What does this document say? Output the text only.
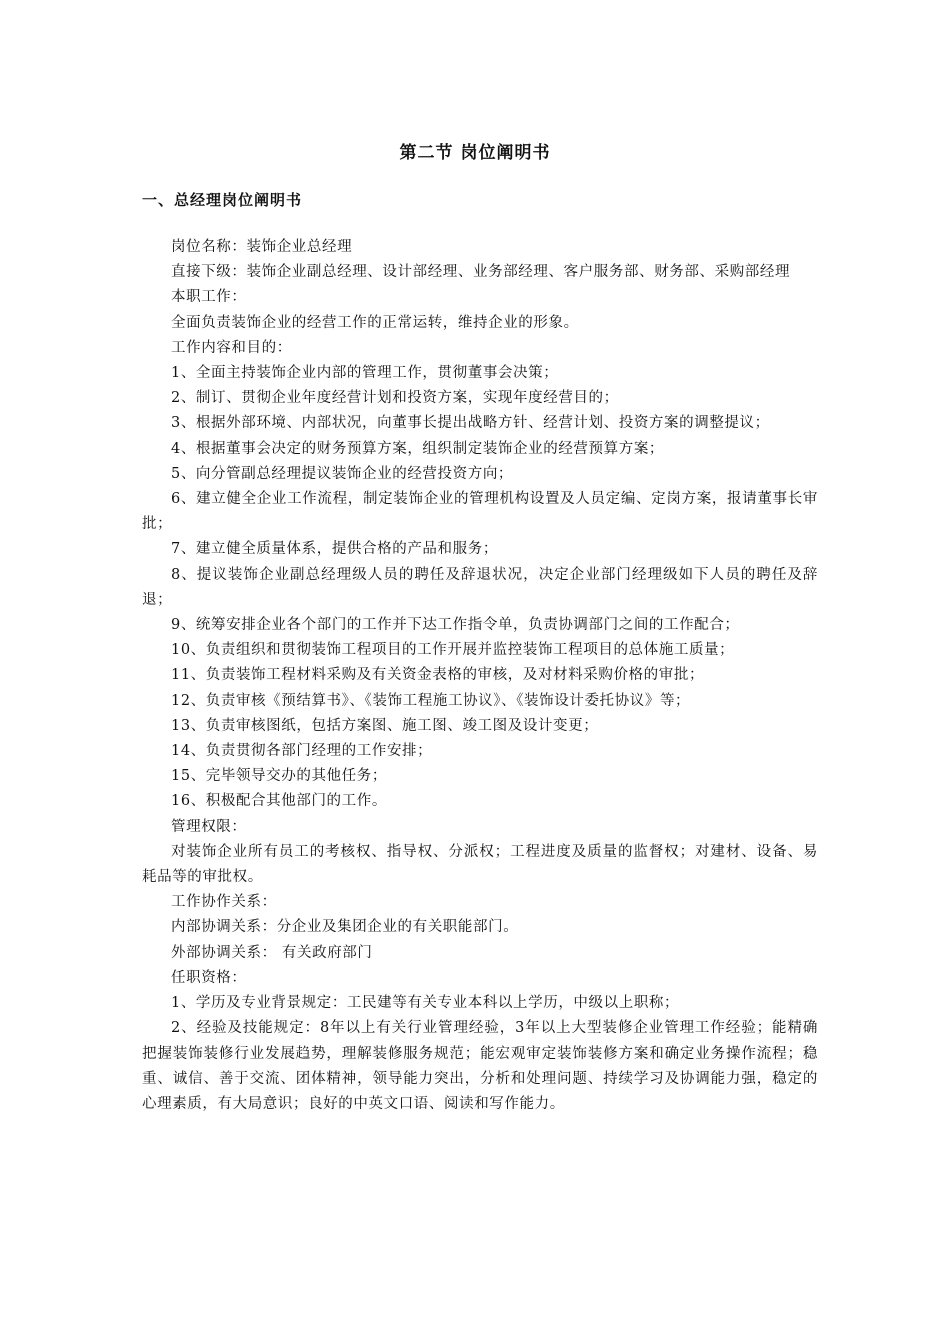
第二节 岗位阐明书
一、总经理岗位阐明书

岗位名称：装饰企业总经理

直接下级：装饰企业副总经理、设计部经理、业务部经理、客户服务部、财务部、采购部经理

本职工作：

全面负责装饰企业的经营工作的正常运转，维持企业的形象。

工作内容和目的：

1、全面主持装饰企业内部的管理工作，贯彻董事会决策；

2、制订、贯彻企业年度经营计划和投资方案，实现年度经营目的；

3、根据外部环境、内部状况，向董事长提出战略方针、经营计划、投资方案的调整提议；

4、根据董事会决定的财务预算方案，组织制定装饰企业的经营预算方案；

5、向分管副总经理提议装饰企业的经营投资方向；

6、建立健全企业工作流程，制定装饰企业的管理机构设置及人员定编、定岗方案，报请董事长审批；

7、建立健全质量体系，提供合格的产品和服务；

8、提议装饰企业副总经理级人员的聘任及辞退状况，决定企业部门经理级如下人员的聘任及辞退；

9、统筹安排企业各个部门的工作并下达工作指令单，负责协调部门之间的工作配合；

10、负责组织和贯彻装饰工程项目的工作开展并监控装饰工程项目的总体施工质量；

11、负责装饰工程材料采购及有关资金表格的审核，及对材料采购价格的审批；

12、负责审核《预结算书》、《装饰工程施工协议》、《装饰设计委托协议》等；

13、负责审核图纸，包括方案图、施工图、竣工图及设计变更；

14、负责贯彻各部门经理的工作安排；

15、完毕领导交办的其他任务；

16、积极配合其他部门的工作。

管理权限：

对装饰企业所有员工的考核权、指导权、分派权；工程进度及质量的监督权；对建材、设备、易耗品等的审批权。

工作协作关系：

内部协调关系：分企业及集团企业的有关职能部门。

外部协调关系： 有关政府部门

任职资格：

1、学历及专业背景规定：工民建等有关专业本科以上学历，中级以上职称；

2、经验及技能规定：8年以上有关行业管理经验，3年以上大型装修企业管理工作经验；能精确把握装饰装修行业发展趋势，理解装修服务规范；能宏观审定装饰装修方案和确定业务操作流程；稳重、诚信、善于交流、团体精神，领导能力突出，分析和处理问题、持续学习及协调能力强，稳定的心理素质，有大局意识；良好的中英文口语、阅读和写作能力。
